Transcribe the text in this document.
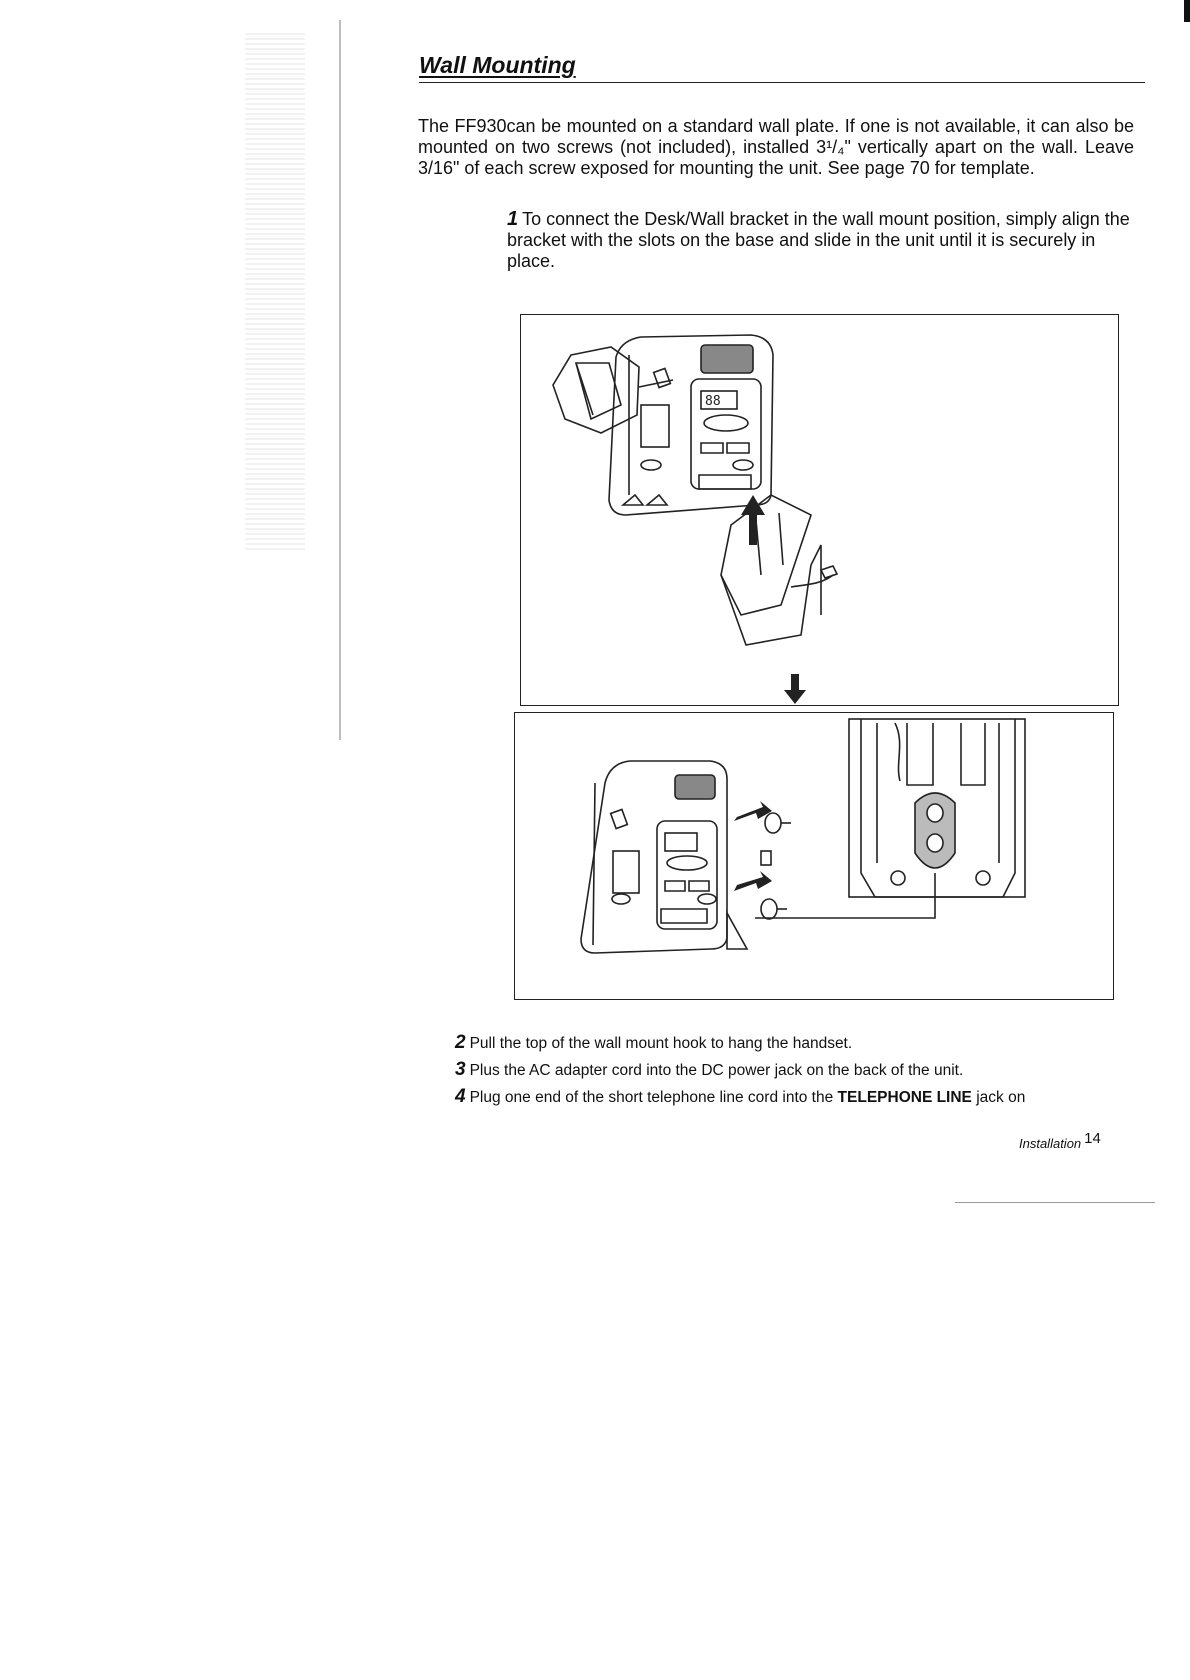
Wall Mounting
The FF930can be mounted on a standard wall plate. If one is not available, it can also be mounted on two screws (not included), installed 3¹/₄" vertically apart on the wall. Leave 3/16" of each screw exposed for mounting the unit. See page 70 for template.
1 To connect the Desk/Wall bracket in the wall mount position, simply align the bracket with the slots on the base and slide in the unit until it is securely in place.
88
2 Pull the top of the wall mount hook to hang the handset.
3 Plus the AC adapter cord into the DC power jack on the back of the unit.
4 Plug one end of the short telephone line cord into the TELEPHONE LINE jack on
Installation 14
